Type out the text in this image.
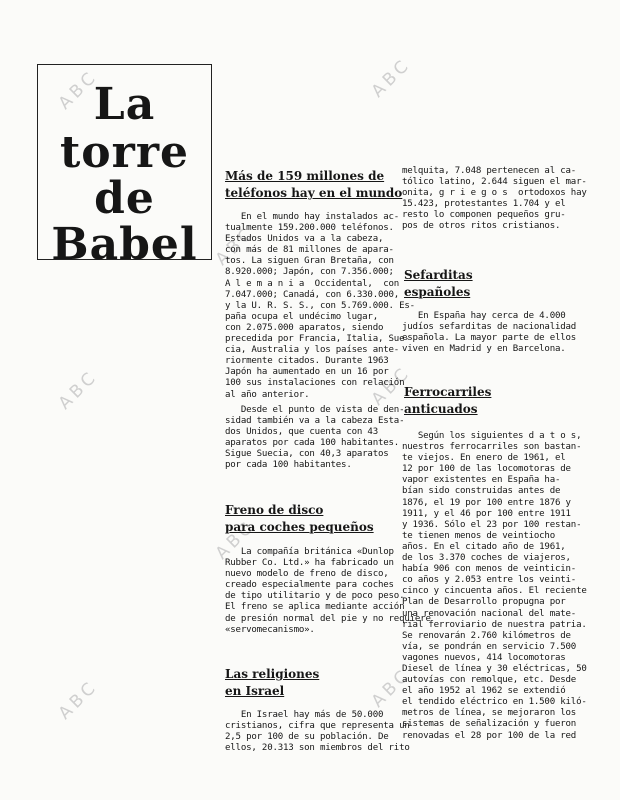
ABC	ABC
ABC
ABC
ABC
ABC
ABC	ABC
La
torre
de
Babel
Más de 159 millones de
teléfonos hay en el mundo
En el mundo hay instalados ac-
tualmente 159.200.000 teléfonos.
Estados Unidos va a la cabeza,
con más de 81 millones de apara-
tos. La siguen Gran Bretaña, con
8.920.000; Japón, con 7.356.000;
A l e m a n i a  Occidental,  con
7.047.000; Canadá, con 6.330.000,
y la U. R. S. S., con 5.769.000. Es-
paña ocupa el undécimo lugar,
con 2.075.000 aparatos, siendo
precedida por Francia, Italia, Sue-
cia, Australia y los países ante-
riormente citados. Durante 1963
Japón ha aumentado en un 16 por
100 sus instalaciones con relación
al año anterior.
Desde el punto de vista de den-
sidad también va a la cabeza Esta-
dos Unidos, que cuenta con 43
aparatos por cada 100 habitantes.
Sigue Suecia, con 40,3 aparatos
por cada 100 habitantes.
Freno de disco
para coches pequeños
La compañía británica «Dunlop
Rubber Co. Ltd.» ha fabricado un
nuevo modelo de freno de disco,
creado especialmente para coches
de tipo utilitario y de poco peso.
El freno se aplica mediante acción
de presión normal del pie y no requiere
«servomecanismo».
Las religiones
en Israel
En Israel hay más de 50.000
cristianos, cifra que representa un
2,5 por 100 de su población. De
ellos, 20.313 son miembros del rito
melquita, 7.048 pertenecen al ca-
tólico latino, 2.644 siguen el mar-
onita, g r i e g o s  ortodoxos hay
15.423, protestantes 1.704 y el
resto lo componen pequeños gru-
pos de otros ritos cristianos.
Sefarditas
españoles
En España hay cerca de 4.000
judíos sefarditas de nacionalidad
española. La mayor parte de ellos
viven en Madrid y en Barcelona.
Ferrocarriles
anticuados
Según los siguientes d a t o s,
nuestros ferrocarriles son bastan-
te viejos. En enero de 1961, el
12 por 100 de las locomotoras de
vapor existentes en España ha-
bían sido construidas antes de
1876, el 19 por 100 entre 1876 y
1911, y el 46 por 100 entre 1911
y 1936. Sólo el 23 por 100 restan-
te tienen menos de veintiocho
años. En el citado año de 1961,
de los 3.370 coches de viajeros,
había 906 con menos de veinticin-
co años y 2.053 entre los veinti-
cinco y cincuenta años. El reciente
Plan de Desarrollo propugna por
una renovación nacional del mate-
rial ferroviario de nuestra patria.
Se renovarán 2.760 kilómetros de
vía, se pondrán en servicio 7.500
vagones nuevos, 414 locomotoras
Diesel de línea y 30 eléctricas, 50
autovías con remolque, etc. Desde
el año 1952 al 1962 se extendió
el tendido eléctrico en 1.500 kiló-
metros de línea, se mejoraron los
sistemas de señalización y fueron
renovadas el 28 por 100 de la red
